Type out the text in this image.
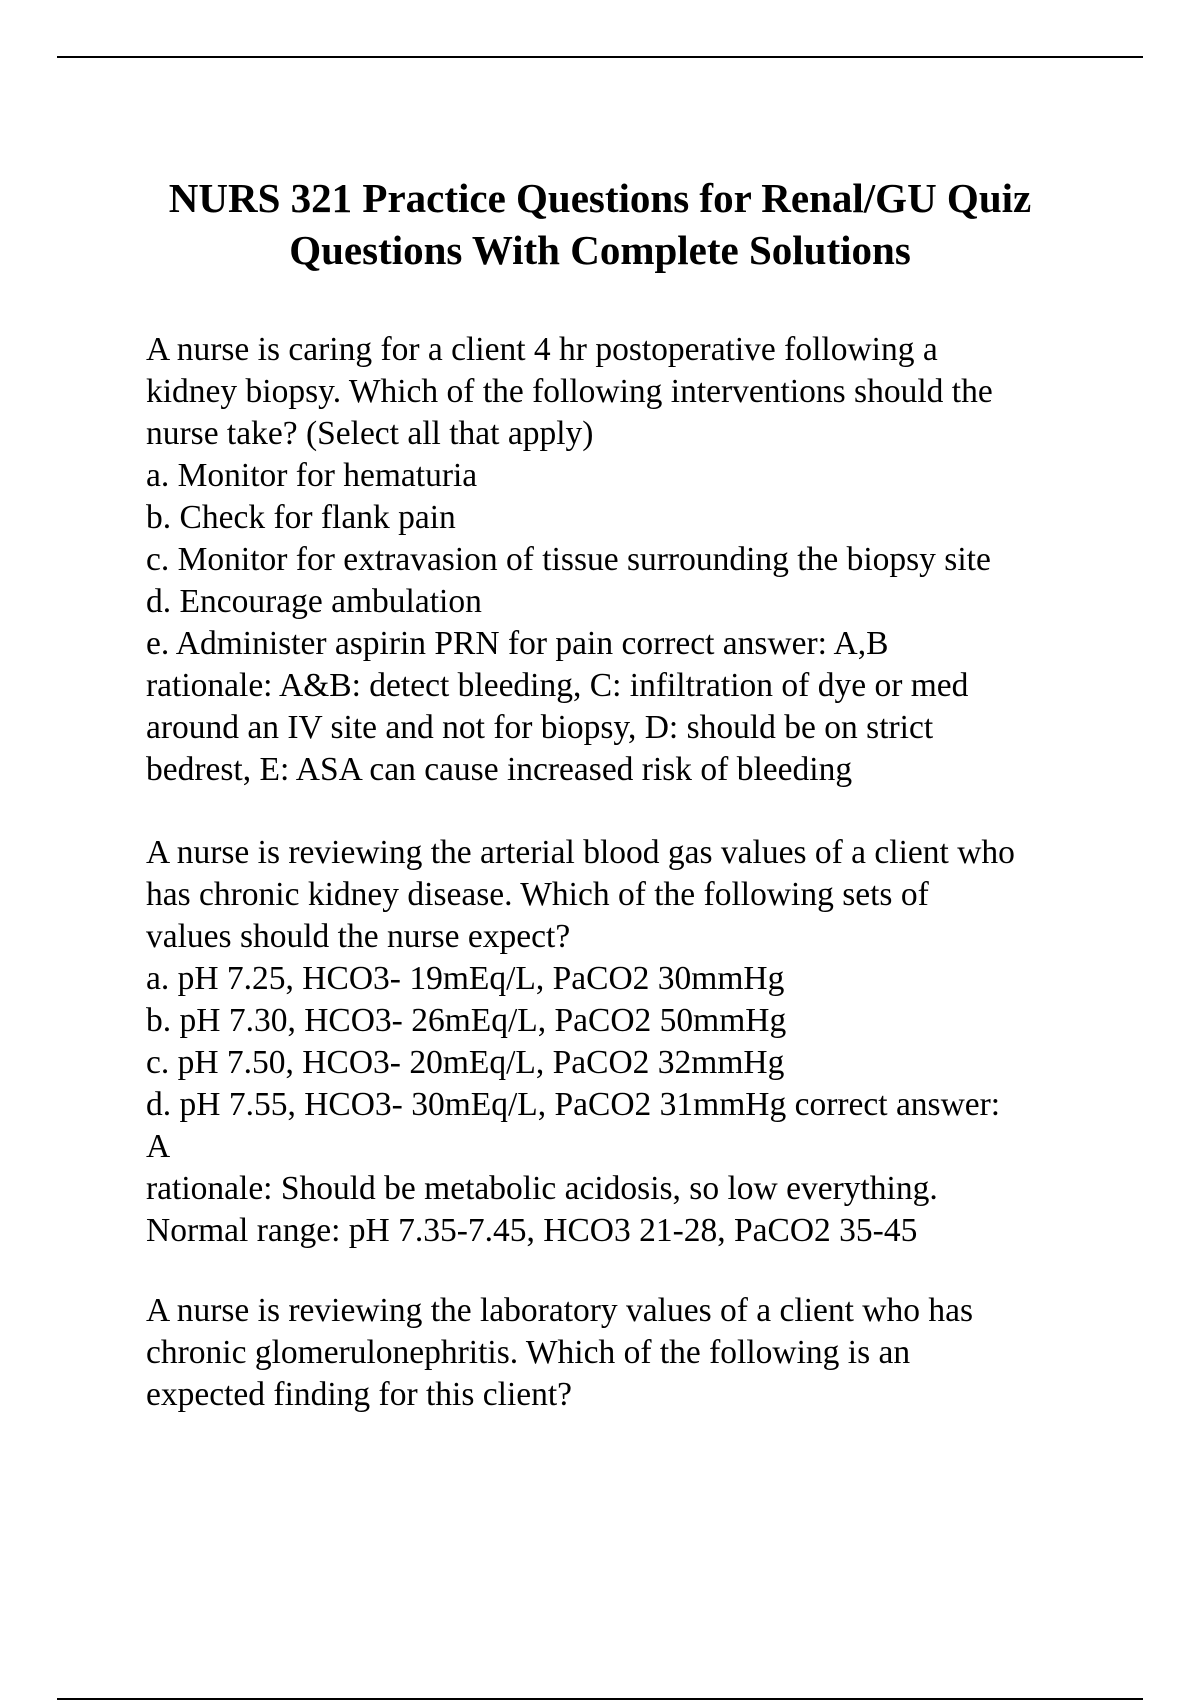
NURS 321 Practice Questions for Renal/GU Quiz
Questions With Complete Solutions
A nurse is caring for a client 4 hr postoperative following a
kidney biopsy. Which of the following interventions should the
nurse take? (Select all that apply)
a. Monitor for hematuria
b. Check for flank pain
c. Monitor for extravasion of tissue surrounding the biopsy site
d. Encourage ambulation
e. Administer aspirin PRN for pain correct answer: A,B
rationale: A&B: detect bleeding, C: infiltration of dye or med
around an IV site and not for biopsy, D: should be on strict
bedrest, E: ASA can cause increased risk of bleeding
A nurse is reviewing the arterial blood gas values of a client who
has chronic kidney disease. Which of the following sets of
values should the nurse expect?
a. pH 7.25, HCO3- 19mEq/L, PaCO2 30mmHg
b. pH 7.30, HCO3- 26mEq/L, PaCO2 50mmHg
c. pH 7.50, HCO3- 20mEq/L, PaCO2 32mmHg
d. pH 7.55, HCO3- 30mEq/L, PaCO2 31mmHg correct answer:
A
rationale: Should be metabolic acidosis, so low everything.
Normal range: pH 7.35-7.45, HCO3 21-28, PaCO2 35-45
A nurse is reviewing the laboratory values of a client who has
chronic glomerulonephritis. Which of the following is an
expected finding for this client?
